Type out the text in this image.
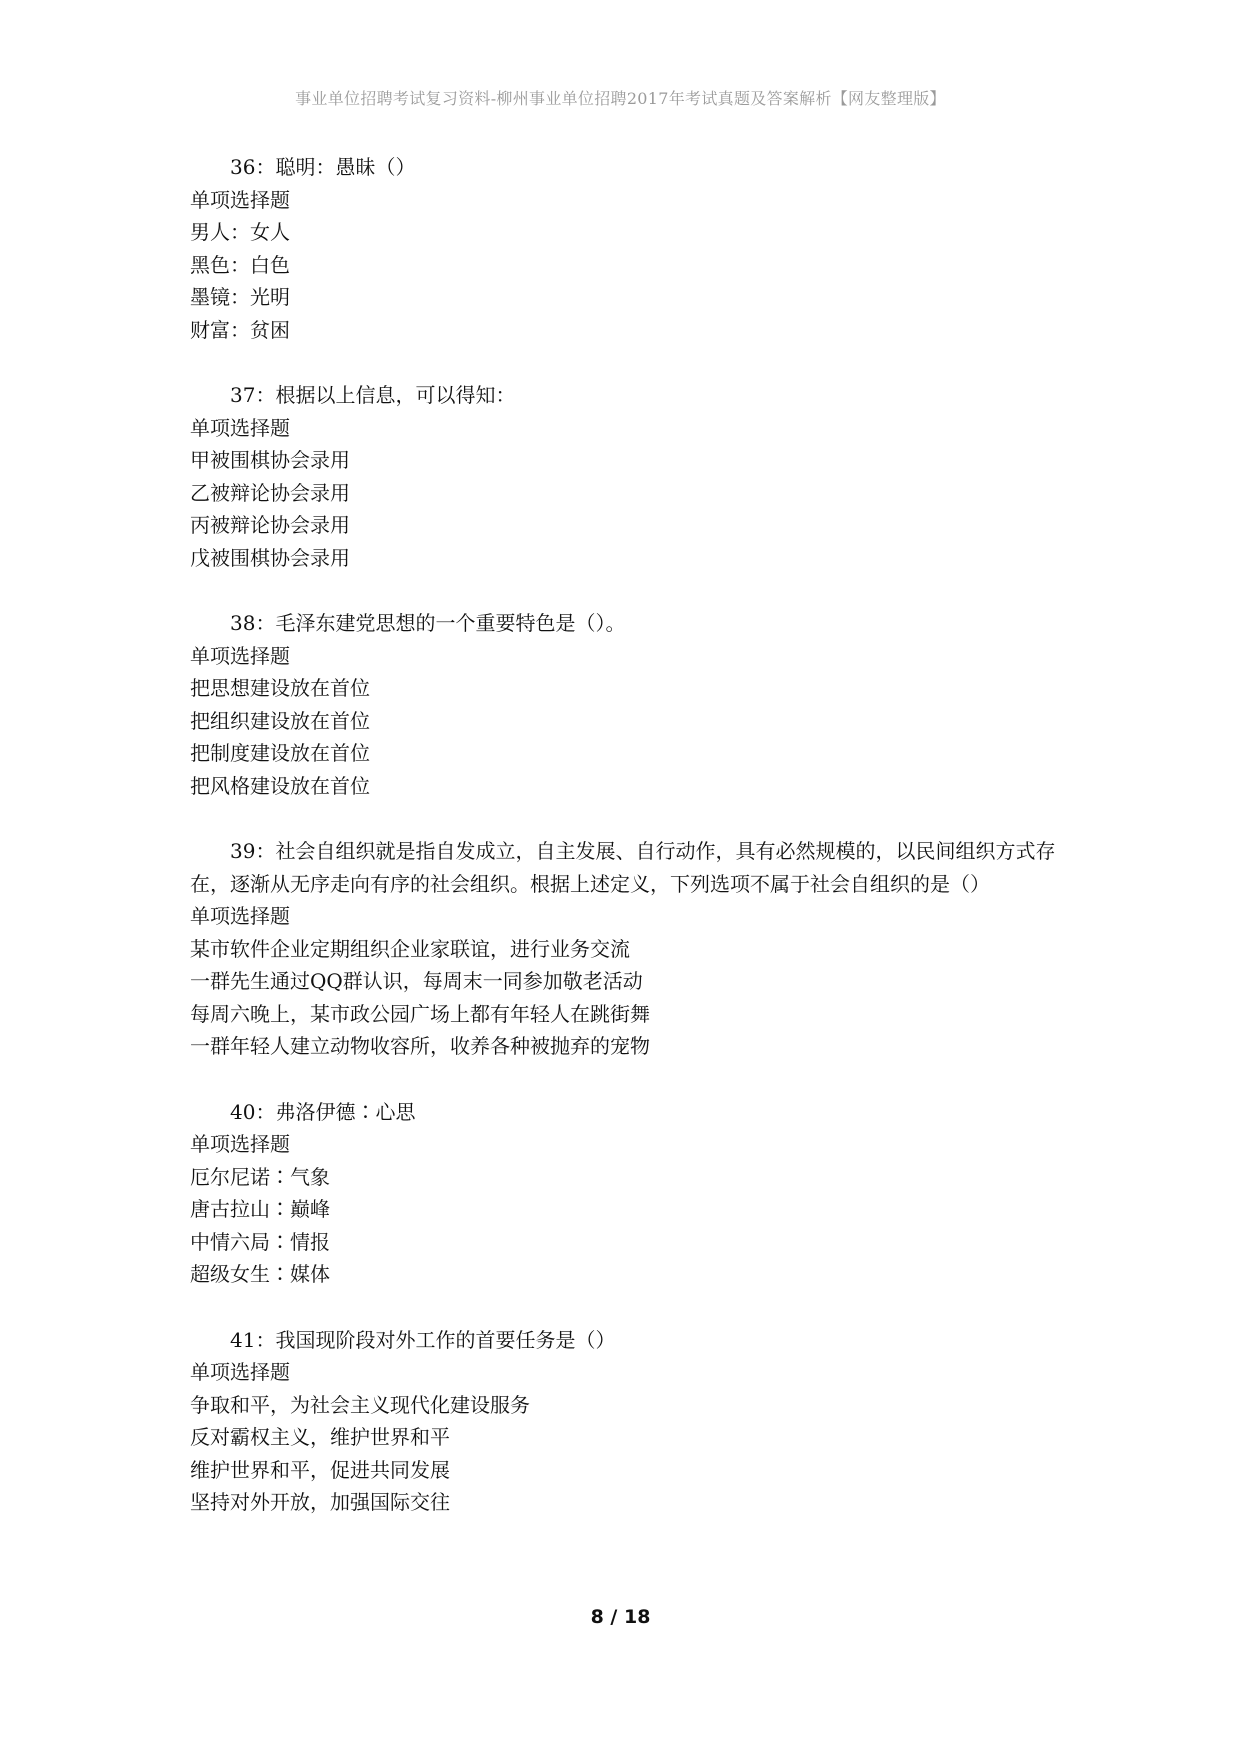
事业单位招聘考试复习资料-柳州事业单位招聘2017年考试真题及答案解析【网友整理版】
36：聪明：愚昧（）
单项选择题
男人：女人
黑色：白色
墨镜：光明
财富：贫困
37：根据以上信息，可以得知：
单项选择题
甲被围棋协会录用
乙被辩论协会录用
丙被辩论协会录用
戊被围棋协会录用
38：毛泽东建党思想的一个重要特色是（）。
单项选择题
把思想建设放在首位
把组织建设放在首位
把制度建设放在首位
把风格建设放在首位
39：社会自组织就是指自发成立，自主发展、自行动作，具有必然规模的，以民间组织方式存在，逐渐从无序走向有序的社会组织。根据上述定义，下列选项不属于社会自组织的是（）
单项选择题
某市软件企业定期组织企业家联谊，进行业务交流
一群先生通过QQ群认识，每周末一同参加敬老活动
每周六晚上，某市政公园广场上都有年轻人在跳街舞
一群年轻人建立动物收容所，收养各种被抛弃的宠物
40：弗洛伊德∶心思
单项选择题
厄尔尼诺∶气象
唐古拉山∶巅峰
中情六局∶情报
超级女生∶媒体
41：我国现阶段对外工作的首要任务是（）
单项选择题
争取和平，为社会主义现代化建设服务
反对霸权主义，维护世界和平
维护世界和平，促进共同发展
坚持对外开放，加强国际交往
8 / 18
